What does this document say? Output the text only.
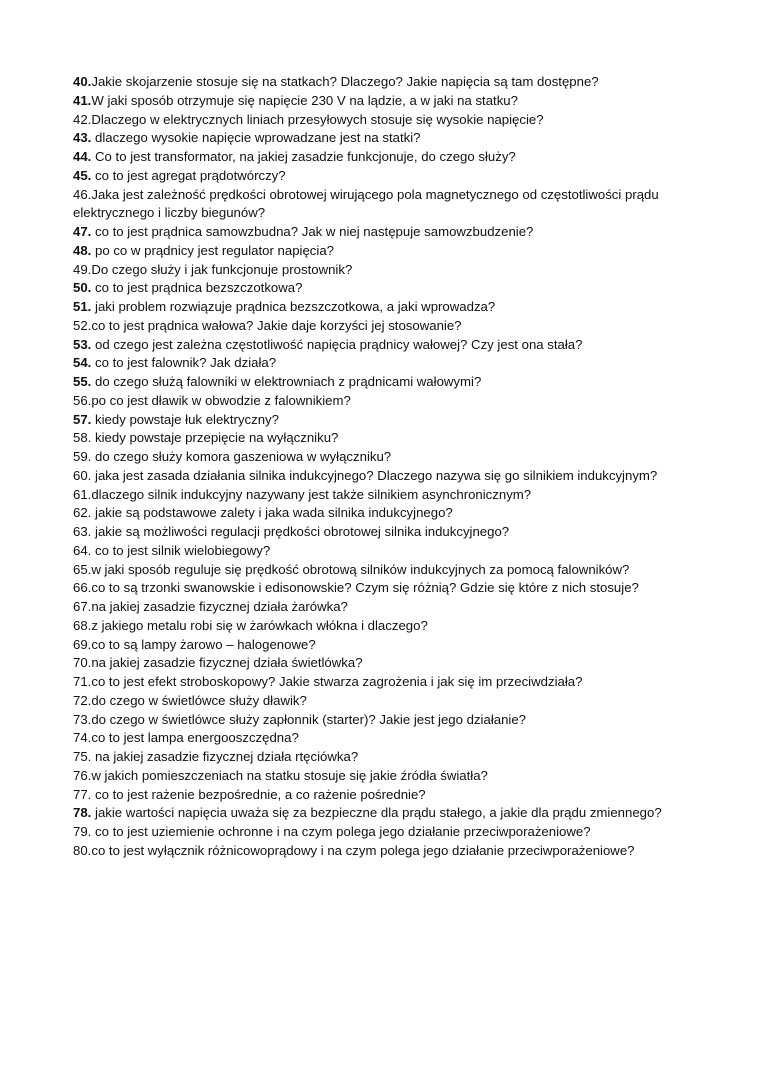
40.Jakie skojarzenie stosuje się na statkach? Dlaczego? Jakie napięcia są tam dostępne?

41.W jaki sposób otrzymuje się napięcie 230 V na lądzie, a w jaki na statku?

42.Dlaczego w elektrycznych liniach przesyłowych stosuje się wysokie napięcie?

43. dlaczego wysokie napięcie wprowadzane jest na statki?

44. Co to jest transformator, na jakiej zasadzie funkcjonuje, do czego służy?

45. co to jest agregat prądotwórczy?

46.Jaka jest zależność prędkości obrotowej wirującego pola magnetycznego od częstotliwości prądu elektrycznego i liczby biegunów?

47. co to jest prądnica samowzbudna? Jak w niej następuje samowzbudzenie?

48. po co w prądnicy jest regulator napięcia?

49.Do czego służy i jak funkcjonuje prostownik?

50. co to jest prądnica bezszczotkowa?

51. jaki problem rozwiązuje prądnica bezszczotkowa, a jaki wprowadza?

52.co to jest prądnica wałowa? Jakie daje korzyści jej stosowanie?

53. od czego jest zależna częstotliwość napięcia prądnicy wałowej? Czy jest ona stała?

54. co to jest falownik? Jak działa?

55. do czego służą falowniki w elektrowniach z prądnicami wałowymi?

56.po co jest dławik w obwodzie z falownikiem?

57. kiedy powstaje łuk elektryczny?

58. kiedy powstaje przepięcie na wyłączniku?

59. do czego służy komora gaszeniowa w wyłączniku?

60. jaka jest zasada działania silnika indukcyjnego? Dlaczego nazywa się go silnikiem indukcyjnym?

61.dlaczego silnik indukcyjny nazywany jest także silnikiem asynchronicznym?

62. jakie są podstawowe zalety i jaka wada silnika indukcyjnego?

63. jakie są możliwości regulacji prędkości obrotowej silnika indukcyjnego?

64. co to jest silnik wielobiegowy?

65.w jaki sposób reguluje się prędkość obrotową silników indukcyjnych za pomocą falowników?

66.co to są trzonki swanowskie i edisonowskie? Czym się różnią? Gdzie się które z nich stosuje?

67.na jakiej zasadzie fizycznej działa żarówka?

68.z jakiego metalu robi się w żarówkach włókna i dlaczego?

69.co to są lampy żarowo – halogenowe?

70.na jakiej zasadzie fizycznej działa świetlówka?

71.co to jest efekt stroboskopowy? Jakie stwarza zagrożenia i jak się im przeciwdziała?

72.do czego w świetlówce służy dławik?

73.do czego w świetlówce służy zapłonnik (starter)? Jakie jest jego działanie?

74.co to jest lampa energooszczędna?

75. na jakiej zasadzie fizycznej działa rtęciówka?

76.w jakich pomieszczeniach na statku stosuje się jakie źródła światła?

77. co to jest rażenie bezpośrednie, a co rażenie pośrednie?

78. jakie wartości napięcia uważa się za bezpieczne dla prądu stałego, a jakie dla prądu zmiennego?

79. co to jest uziemienie ochronne i na czym polega jego działanie przeciwporażeniowe?

80.co to jest wyłącznik różnicowoprądowy i na czym polega jego działanie przeciwporażeniowe?
